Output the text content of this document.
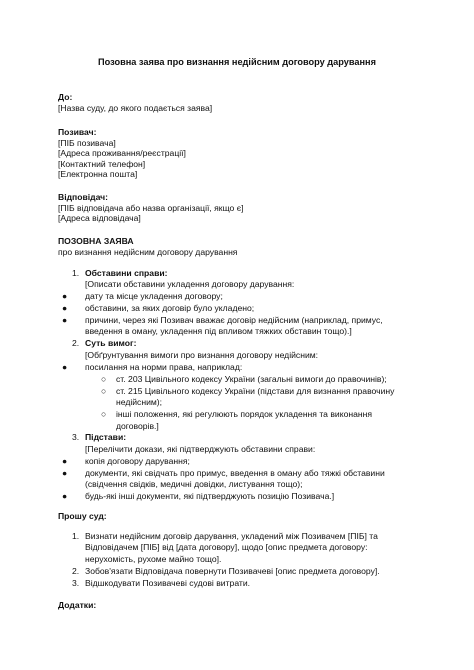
Позовна заява про визнання недійсним договору дарування
До:
[Назва суду, до якого подається заява]
Позивач:
[ПІБ позивача]
[Адреса проживання/реєстрації]
[Контактний телефон]
[Електронна пошта]
Відповідач:
[ПІБ відповідача або назва організації, якщо є]
[Адреса відповідача]
ПОЗОВНА ЗАЯВА
про визнання недійсним договору дарування
1. Обставини справи:
[Описати обставини укладення договору дарування:
● дату та місце укладення договору;
● обставини, за яких договір було укладено;
● причини, через які Позивач вважає договір недійсним (наприклад, примус,
введення в оману, укладення під впливом тяжких обставин тощо).]
2. Суть вимог:
[Обґрунтування вимоги про визнання договору недійсним:
● посилання на норми права, наприклад:
○ ст. 203 Цивільного кодексу України (загальні вимоги до правочинів);
○ ст. 215 Цивільного кодексу України (підстави для визнання правочину
недійсним);
○ інші положення, які регулюють порядок укладення та виконання
договорів.]
3. Підстави:
[Перелічити докази, які підтверджують обставини справи:
● копія договору дарування;
● документи, які свідчать про примус, введення в оману або тяжкі обставини
(свідчення свідків, медичні довідки, листування тощо);
● будь-які інші документи, які підтверджують позицію Позивача.]
Прошу суд:
1. Визнати недійсним договір дарування, укладений між Позивачем [ПІБ] та
Відповідачем [ПІБ] від [дата договору], щодо [опис предмета договору:
нерухомість, рухоме майно тощо].
2. Зобов'язати Відповідача повернути Позивачеві [опис предмета договору].
3. Відшкодувати Позивачеві судові витрати.
Додатки:
